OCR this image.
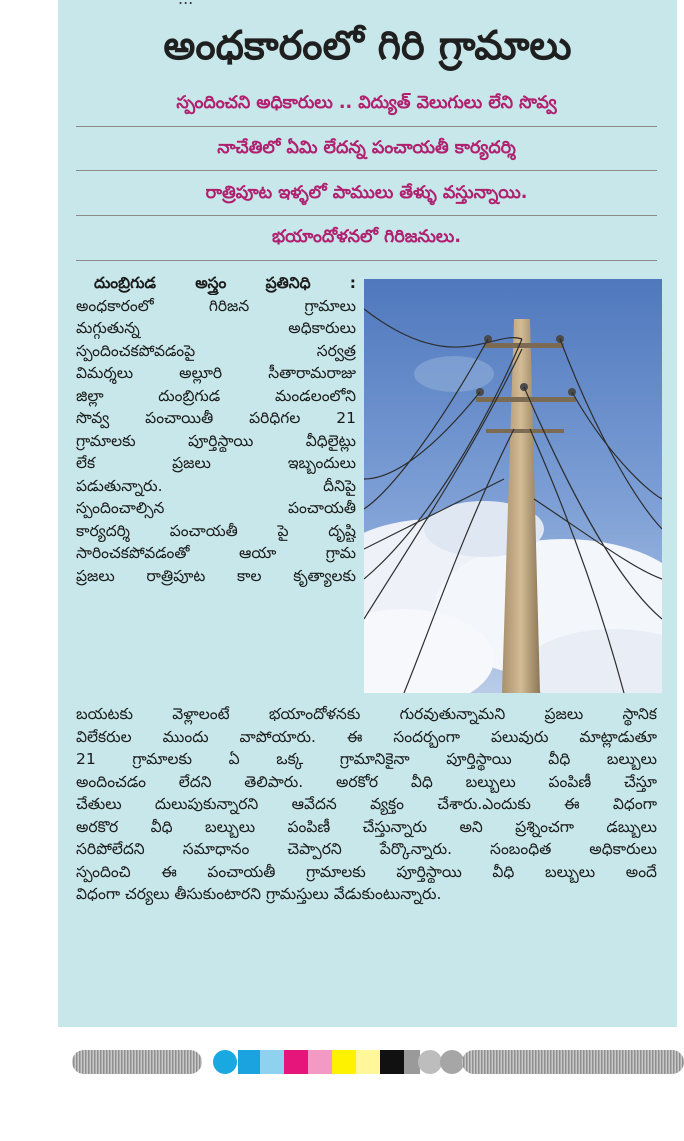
అంధకారంలో గిరి గ్రామాలు
స్పందించని అధికారులు .. విద్యుత్ వెలుగులు లేని సొవ్వ
నాచేతిలో ఏమి లేదన్న పంచాయతీ కార్యదర్శి
రాత్రిపూట ఇళ్ళలో పాములు తేళ్ళు వస్తున్నాయి.
భయాందోళనలో గిరిజనులు.
దుంబ్రిగుడ అస్త్రం ప్రతినిధి :
అంధకారంలో గిరిజన గ్రామాలు
మగ్గుతున్న అధికారులు
స్పందించకపోవడంపై సర్వత్ర
విమర్శలు అల్లూరి సీతారామరాజు
జిల్లా దుంబ్రిగుడ మండలంలోని
సొవ్వ పంచాయితీ పరిధిగల 21
గ్రామాలకు పూర్తిస్థాయి వీధిలైట్లు
లేక ప్రజలు ఇబ్బందులు
పడుతున్నారు. దీనిపై
స్పందించాల్సిన పంచాయతీ
కార్యదర్శి పంచాయతీ పై దృష్టి
సారించకపోవడంతో ఆయా గ్రామ
ప్రజలు రాత్రిపూట కాల కృత్యాలకు
బయటకు వెళ్లాలంటే భయాందోళనకు గురవుతున్నామని ప్రజలు స్థానిక
విలేకరుల ముందు వాపోయారు. ఈ సందర్భంగా పలువురు మాట్లాడుతూ
21 గ్రామాలకు ఏ ఒక్క గ్రామానికైనా పూర్తిస్థాయి వీధి బల్బులు
అందించడం లేదని తెలిపారు. అరకోర వీధి బల్బులు పంపిణీ చేస్తూ
చేతులు దులుపుకున్నారని ఆవేదన వ్యక్తం చేశారు.ఎందుకు ఈ విధంగా
అరకొర వీధి బల్బులు పంపిణీ చేస్తున్నారు అని ప్రశ్నించగా డబ్బులు
సరిపోలేదని సమాధానం చెప్పారని పేర్కొన్నారు. సంబంధిత అధికారులు
స్పందించి ఈ పంచాయతీ గ్రామాలకు పూర్తిస్థాయి వీధి బల్బులు అందే
విధంగా చర్యలు తీసుకుంటారని గ్రామస్తులు వేడుకుంటున్నారు.
